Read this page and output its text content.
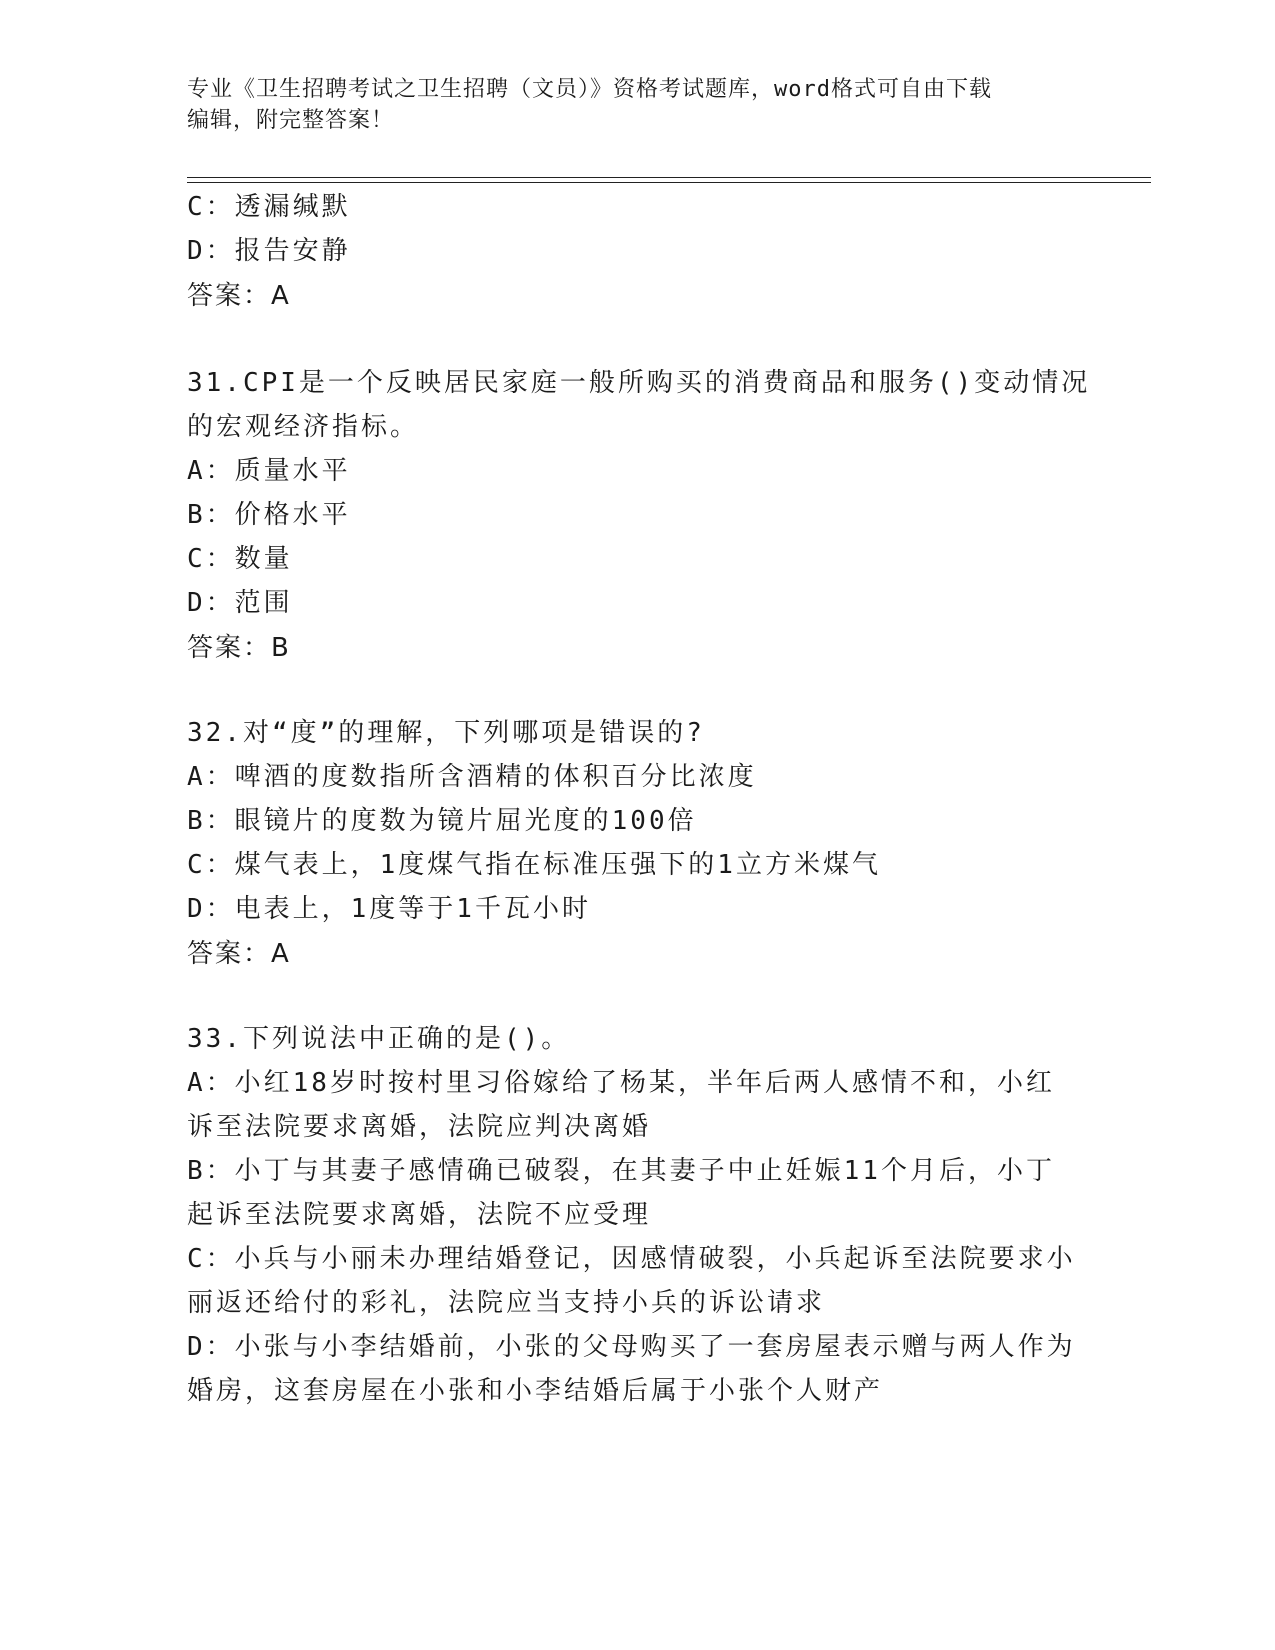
专业《卫生招聘考试之卫生招聘（文员）》资格考试题库，word格式可自由下载
编辑，附完整答案！
C：透漏缄默
D：报告安静
答案：A
31.CPI是一个反映居民家庭一般所购买的消费商品和服务()变动情况
的宏观经济指标。
A：质量水平
B：价格水平
C：数量
D：范围
答案：B
32.对“度”的理解，下列哪项是错误的?
A：啤酒的度数指所含酒精的体积百分比浓度
B：眼镜片的度数为镜片屈光度的100倍
C：煤气表上，1度煤气指在标准压强下的1立方米煤气
D：电表上，1度等于1千瓦小时
答案：A
33.下列说法中正确的是()。
A：小红18岁时按村里习俗嫁给了杨某，半年后两人感情不和，小红
诉至法院要求离婚，法院应判决离婚
B：小丁与其妻子感情确已破裂，在其妻子中止妊娠11个月后，小丁
起诉至法院要求离婚，法院不应受理
C：小兵与小丽未办理结婚登记，因感情破裂，小兵起诉至法院要求小
丽返还给付的彩礼，法院应当支持小兵的诉讼请求
D：小张与小李结婚前，小张的父母购买了一套房屋表示赠与两人作为
婚房，这套房屋在小张和小李结婚后属于小张个人财产
